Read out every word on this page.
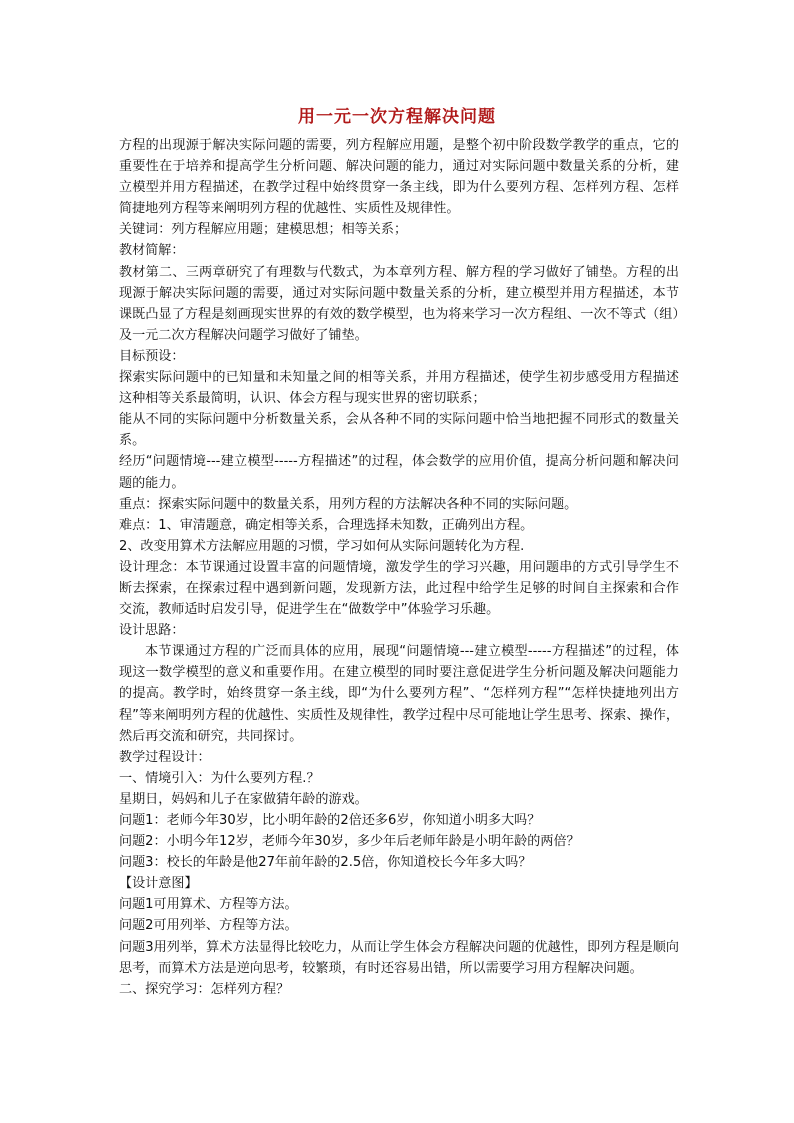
用一元一次方程解决问题

方程的出现源于解决实际问题的需要，列方程解应用题，是整个初中阶段数学教学的重点，它的重要性在于培养和提高学生分析问题、解决问题的能力，通过对实际问题中数量关系的分析，建立模型并用方程描述，在教学过程中始终贯穿一条主线，即为什么要列方程、怎样列方程、怎样简捷地列方程等来阐明列方程的优越性、实质性及规律性。

关键词：列方程解应用题；建模思想；相等关系；

教材简解：

教材第二、三两章研究了有理数与代数式，为本章列方程、解方程的学习做好了铺垫。方程的出现源于解决实际问题的需要，通过对实际问题中数量关系的分析，建立模型并用方程描述，本节课既凸显了方程是刻画现实世界的有效的数学模型，也为将来学习一次方程组、一次不等式（组）及一元二次方程解决问题学习做好了铺垫。

目标预设：

探索实际问题中的已知量和未知量之间的相等关系，并用方程描述，使学生初步感受用方程描述这种相等关系最简明，认识、体会方程与现实世界的密切联系；

能从不同的实际问题中分析数量关系，会从各种不同的实际问题中恰当地把握不同形式的数量关系。

经历“问题情境---建立模型-----方程描述”的过程，体会数学的应用价值，提高分析问题和解决问题的能力。

重点：探索实际问题中的数量关系，用列方程的方法解决各种不同的实际问题。

难点：1、审清题意，确定相等关系，合理选择未知数，正确列出方程。

2、改变用算术方法解应用题的习惯，学习如何从实际问题转化为方程.

设计理念：本节课通过设置丰富的问题情境，激发学生的学习兴趣，用问题串的方式引导学生不断去探索，在探索过程中遇到新问题，发现新方法，此过程中给学生足够的时间自主探索和合作交流，教师适时启发引导，促进学生在“做数学中”体验学习乐趣。

设计思路：

本节课通过方程的广泛而具体的应用，展现“问题情境---建立模型-----方程描述”的过程，体现这一数学模型的意义和重要作用。在建立模型的同时要注意促进学生分析问题及解决问题能力的提高。教学时，始终贯穿一条主线，即“为什么要列方程”、“怎样列方程”“怎样快捷地列出方程”等来阐明列方程的优越性、实质性及规律性，教学过程中尽可能地让学生思考、探索、操作，然后再交流和研究，共同探讨。

教学过程设计：

一、情境引入：为什么要列方程.？

星期日，妈妈和儿子在家做猜年龄的游戏。

问题1：老师今年30岁，比小明年龄的2倍还多6岁，你知道小明多大吗？

问题2：小明今年12岁，老师今年30岁，多少年后老师年龄是小明年龄的两倍？

问题3：校长的年龄是他27年前年龄的2.5倍，你知道校长今年多大吗？

【设计意图】

问题1可用算术、方程等方法。

问题2可用列举、方程等方法。

问题3用列举，算术方法显得比较吃力，从而让学生体会方程解决问题的优越性，即列方程是顺向思考，而算术方法是逆向思考，较繁琐，有时还容易出错，所以需要学习用方程解决问题。

二、探究学习：怎样列方程？
